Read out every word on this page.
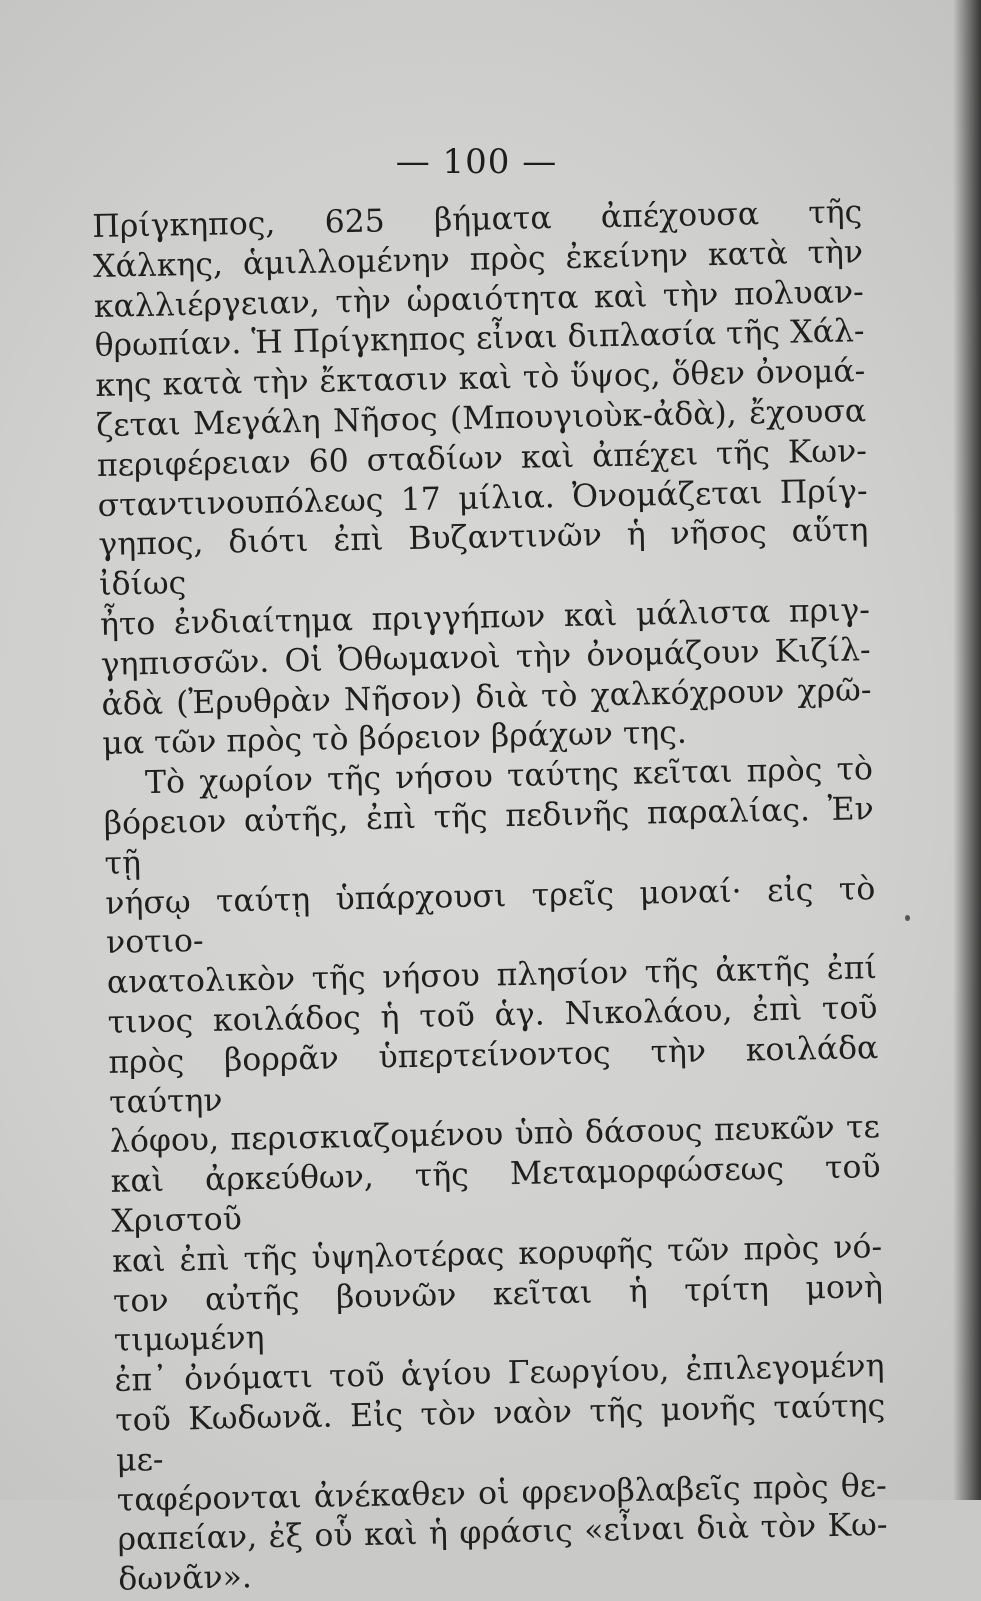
— 100 —
Πρίγκηπος, 625 βήματα ἀπέχουσα τῆς
Χάλκης, ἁμιλλομένην πρὸς ἐκείνην κατὰ τὴν
καλλιέργειαν, τὴν ὡραιότητα καὶ τὴν πολυαν-
θρωπίαν. Ἡ Πρίγκηπος εἶναι διπλασία τῆς Χάλ-
κης κατὰ τὴν ἔκτασιν καὶ τὸ ὕψος, ὅθεν ὀνομά-
ζεται Μεγάλη Νῆσος (Μπουγιοὺκ-ἀδὰ), ἔχουσα
περιφέρειαν 60 σταδίων καὶ ἀπέχει τῆς Κων-
σταντινουπόλεως 17 μίλια. Ὀνομάζεται Πρίγ-
γηπος, διότι ἐπὶ Βυζαντινῶν ἡ νῆσος αὕτη ἰδίως
ἦτο ἐνδιαίτημα πριγγήπων καὶ μάλιστα πριγ-
γηπισσῶν. Οἱ Ὀθωμανοὶ τὴν ὀνομάζουν Κιζίλ-
ἀδὰ (Ἐρυθρὰν Νῆσον) διὰ τὸ χαλκόχρουν χρῶ-
μα τῶν πρὸς τὸ βόρειον βράχων της.
Τὸ χωρίον τῆς νήσου ταύτης κεῖται πρὸς τὸ
βόρειον αὐτῆς, ἐπὶ τῆς πεδινῆς παραλίας. Ἐν τῇ
νήσῳ ταύτῃ ὑπάρχουσι τρεῖς μοναί· εἰς τὸ νοτιο-
ανατολικὸν τῆς νήσου πλησίον τῆς ἀκτῆς ἐπί
τινος κοιλάδος ἡ τοῦ ἁγ. Νικολάου, ἐπὶ τοῦ
πρὸς βορρᾶν ὑπερτείνοντος τὴν κοιλάδα ταύτην
λόφου, περισκιαζομένου ὑπὸ δάσους πευκῶν τε
καὶ ἀρκεύθων, τῆς Μεταμορφώσεως τοῦ Χριστοῦ
καὶ ἐπὶ τῆς ὑψηλοτέρας κορυφῆς τῶν πρὸς νό-
τον αὐτῆς βουνῶν κεῖται ἡ τρίτη μονὴ τιμωμένη
ἐπ᾽ ὀνόματι τοῦ ἁγίου Γεωργίου, ἐπιλεγομένη
τοῦ Κωδωνᾶ. Εἰς τὸν ναὸν τῆς μονῆς ταύτης με-
ταφέρονται ἀνέκαθεν οἱ φρενοβλαβεῖς πρὸς θε-
ραπείαν, ἐξ οὗ καὶ ἡ φράσις «εἶναι διὰ τὸν Κω-
δωνᾶν».
